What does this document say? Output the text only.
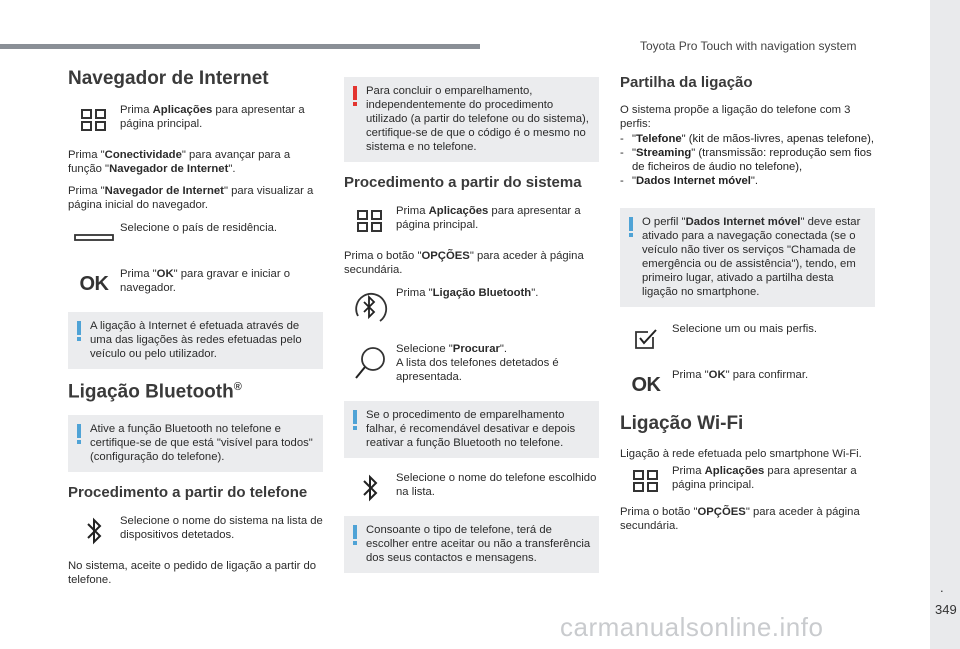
Toyota Pro Touch with navigation system
.
349
carmanualsonline.info
Navegador de Internet
Prima Aplicações para apresentar a página principal.

Prima "Conectividade" para avançar para a função "Navegador de Internet".

Prima "Navegador de Internet" para visualizar a página inicial do navegador.

Selecione o país de residência.
OK Prima "OK" para gravar e iniciar o navegador.
A ligação à Internet é efetuada através de uma das ligações às redes efetuadas pelo veículo ou pelo utilizador.
Ligação Bluetooth®
Ative a função Bluetooth no telefone e certifique-se de que está "visível para todos" (configuração do telefone).
Procedimento a partir do telefone
Selecione o nome do sistema na lista de dispositivos detetados.

No sistema, aceite o pedido de ligação a partir do telefone.

Para concluir o emparelhamento, independentemente do procedimento utilizado (a partir do telefone ou do sistema), certifique-se de que o código é o mesmo no sistema e no telefone.
Procedimento a partir do sistema
Prima Aplicações para apresentar a página principal.

Prima o botão "OPÇÕES" para aceder à página secundária.

Prima "Ligação Bluetooth".
Selecione "Procurar".
A lista dos telefones detetados é apresentada.
Se o procedimento de emparelhamento falhar, é recomendável desativar e depois reativar a função Bluetooth no telefone.
Selecione o nome do telefone escolhido na lista.
Consoante o tipo de telefone, terá de escolher entre aceitar ou não a transferência dos seus contactos e mensagens.
Partilha da ligação

O sistema propõe a ligação do telefone com 3 perfis:

- "Telefone" (kit de mãos-livres, apenas telefone),
- "Streaming" (transmissão: reprodução sem fios de ficheiros de áudio no telefone),
- "Dados Internet móvel".
O perfil "Dados Internet móvel" deve estar ativado para a navegação conectada (se o veículo não tiver os serviços "Chamada de emergência ou de assistência"), tendo, em primeiro lugar, ativado a partilha desta ligação no smartphone.
Selecione um ou mais perfis.
OK Prima "OK" para confirmar.
Ligação Wi-Fi

Ligação à rede efetuada pelo smartphone Wi-Fi.

Prima Aplicações para apresentar a página principal.

Prima o botão "OPÇÕES" para aceder à página secundária.
